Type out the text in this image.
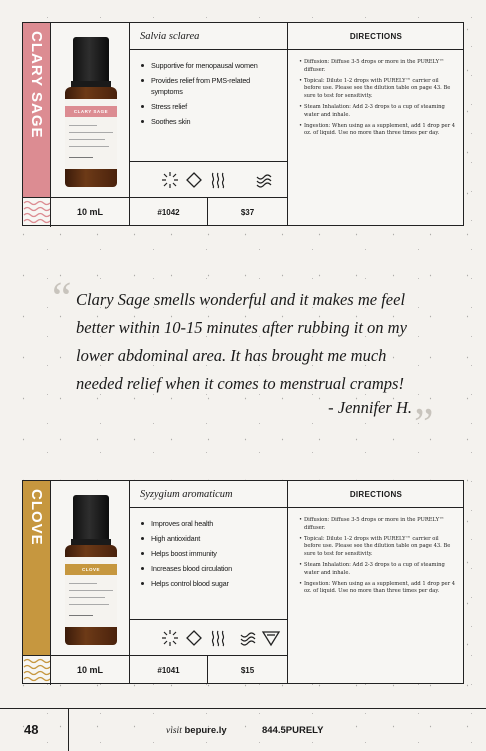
CLARY SAGE	CLARY SAGE
10 mL
Salvia sclarea
Supportive for menopausal women
Provides relief from PMS-related symptoms
Stress relief
Soothes skin
#1042	$37
DIRECTIONS

• Diffusion: Diffuse 3-5 drops or more in the PURELY™ diffuser.

• Topical: Dilute 1-2 drops with PURELY™ carrier oil before use. Please see the dilution table on page 43. Be sure to test for sensitivity.

• Steam Inhalation: Add 2-3 drops to a cup of steaming water and inhale.

• Ingestion: When using as a supplement, add 1 drop per 4 oz. of liquid. Use no more than three times per day.

“ Clary Sage smells wonderful and it makes me feel better within 10-15 minutes after rubbing it on my lower abdominal area. It has brought me much needed relief when it comes to menstrual cramps!
- Jennifer H. ”
CLOVE
CLOVE
10 mL
Syzygium aromaticum
Improves oral health
High antioxidant
Helps boost immunity
Increases blood circulation
Helps control blood sugar
#1041	$15
DIRECTIONS

• Diffusion: Diffuse 3-5 drops or more in the PURELY™ diffuser.

• Topical: Dilute 1-2 drops with PURELY™ carrier oil before use. Please see the dilution table on page 43. Be sure to test for sensitivity.

• Steam Inhalation: Add 2-3 drops to a cup of steaming water and inhale.

• Ingestion: When using as a supplement, add 1 drop per 4 oz. of liquid. Use no more than three times per day.

48	visit bepure.ly	844.5PURELY
